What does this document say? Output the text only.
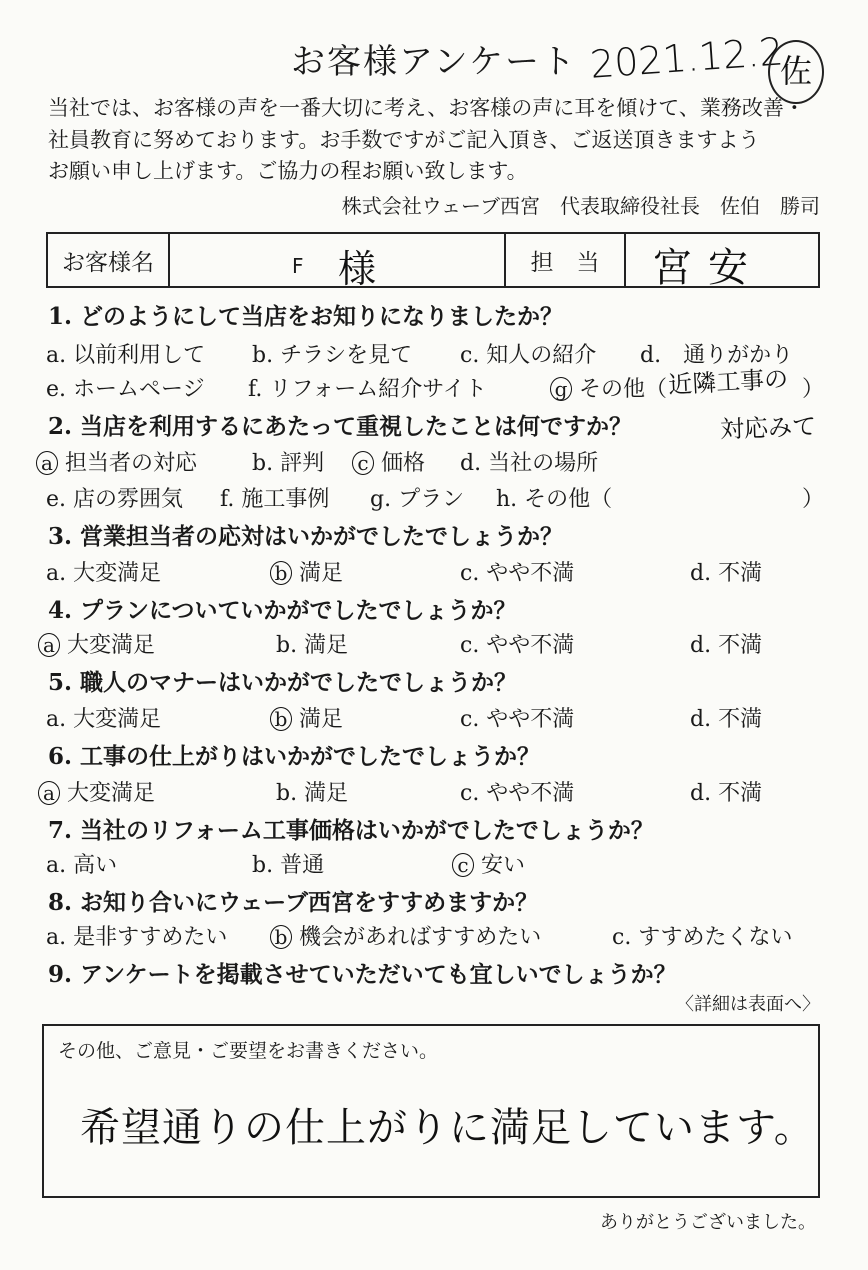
お客様アンケート 2021.12.2
佐
当社では、お客様の声を一番大切に考え、お客様の声に耳を傾けて、業務改善・
社員教育に努めております。お手数ですがご記入頂き、ご返送頂きますよう
お願い申し上げます。ご協力の程お願い致します。
株式会社ウェーブ西宮　代表取締役社長　佐伯　勝司
お客様名	F 様	担　当	宮安
1. どのようにして当店をお知りになりましたか？
a. 以前利用して b. チラシを見て c. 知人の紹介 d.　通りがかり
e. ホームページ f. リフォーム紹介サイト	g その他（	）
近隣工事の
対応みて
2. 当店を利用するにあたって重視したことは何ですか？
a 担当者の対応 b. 評判 c 価格 d. 当社の場所
e. 店の雰囲気 f. 施工事例 g. プラン h. その他（	）
3. 営業担当者の応対はいかがでしたでしょうか？
a. 大変満足	b 満足	c. やや不満	d. 不満
4. プランについていかがでしたでしょうか？
a 大変満足	b. 満足	c. やや不満	d. 不満
5. 職人のマナーはいかがでしたでしょうか？
a. 大変満足	b 満足	c. やや不満	d. 不満
6. 工事の仕上がりはいかがでしたでしょうか？
a 大変満足	b. 満足	c. やや不満	d. 不満
7. 当社のリフォーム工事価格はいかがでしたでしょうか？
a. 高い	b. 普通	c 安い
8. お知り合いにウェーブ西宮をすすめますか？
a. 是非すすめたい b 機会があればすすめたい	c. すすめたくない
9. アンケートを掲載させていただいても宜しいでしょうか？
〈詳細は表面へ〉
その他、ご意見・ご要望をお書きください。
希望通りの仕上がりに満足しています。
ありがとうございました。
